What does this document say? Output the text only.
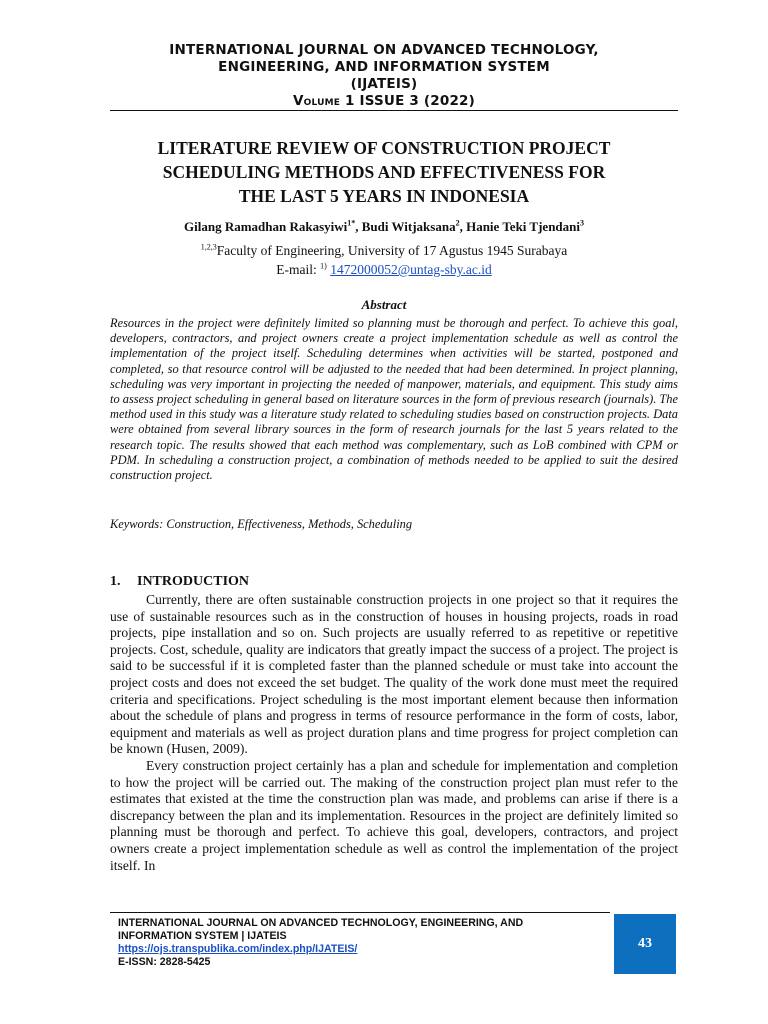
INTERNATIONAL JOURNAL ON ADVANCED TECHNOLOGY,
ENGINEERING, AND INFORMATION SYSTEM
(IJATEIS)
Volume 1 ISSUE 3 (2022)
LITERATURE REVIEW OF CONSTRUCTION PROJECT
SCHEDULING METHODS AND EFFECTIVENESS FOR
THE LAST 5 YEARS IN INDONESIA
Gilang Ramadhan Rakasyiwi$^{1*}$, Budi Witjaksana$^2$, Hanie Teki Tjendani$^3$
$^{1,2,3}$Faculty of Engineering, University of 17 Agustus 1945 Surabaya
E-mail: $^{1)}$ 1472000052@untag-sby.ac.id
Abstract
Resources in the project were definitely limited so planning must be thorough and perfect. To achieve this goal, developers, contractors, and project owners create a project implementation schedule as well as control the implementation of the project itself. Scheduling determines when activities will be started, postponed and completed, so that resource control will be adjusted to the needed that had been determined. In project planning, scheduling was very important in projecting the needed of manpower, materials, and equipment. This study aims to assess project scheduling in general based on literature sources in the form of previous research (journals). The method used in this study was a literature study related to scheduling studies based on construction projects. Data were obtained from several library sources in the form of research journals for the last 5 years related to the research topic. The results showed that each method was complementary, such as LoB combined with CPM or PDM. In scheduling a construction project, a combination of methods needed to be applied to suit the desired construction project.
Keywords: Construction, Effectiveness, Methods, Scheduling
1. INTRODUCTION

Currently, there are often sustainable construction projects in one project so that it requires the use of sustainable resources such as in the construction of houses in housing projects, roads in road projects, pipe installation and so on. Such projects are usually referred to as repetitive or repetitive projects. Cost, schedule, quality are indicators that greatly impact the success of a project. The project is said to be successful if it is completed faster than the planned schedule or must take into account the project costs and does not exceed the set budget. The quality of the work done must meet the required criteria and specifications. Project scheduling is the most important element because then information about the schedule of plans and progress in terms of resource performance in the form of costs, labor, equipment and materials as well as project duration plans and time progress for project completion can be known (Husen, 2009).

Every construction project certainly has a plan and schedule for implementation and completion to how the project will be carried out. The making of the construction project plan must refer to the estimates that existed at the time the construction plan was made, and problems can arise if there is a discrepancy between the plan and its implementation. Resources in the project are definitely limited so planning must be thorough and perfect. To achieve this goal, developers, contractors, and project owners create a project implementation schedule as well as control the implementation of the project itself. In

INTERNATIONAL JOURNAL ON ADVANCED TECHNOLOGY, ENGINEERING, AND
INFORMATION SYSTEM | IJATEIS
https://ojs.transpublika.com/index.php/IJATEIS/
E-ISSN: 2828-5425
43
